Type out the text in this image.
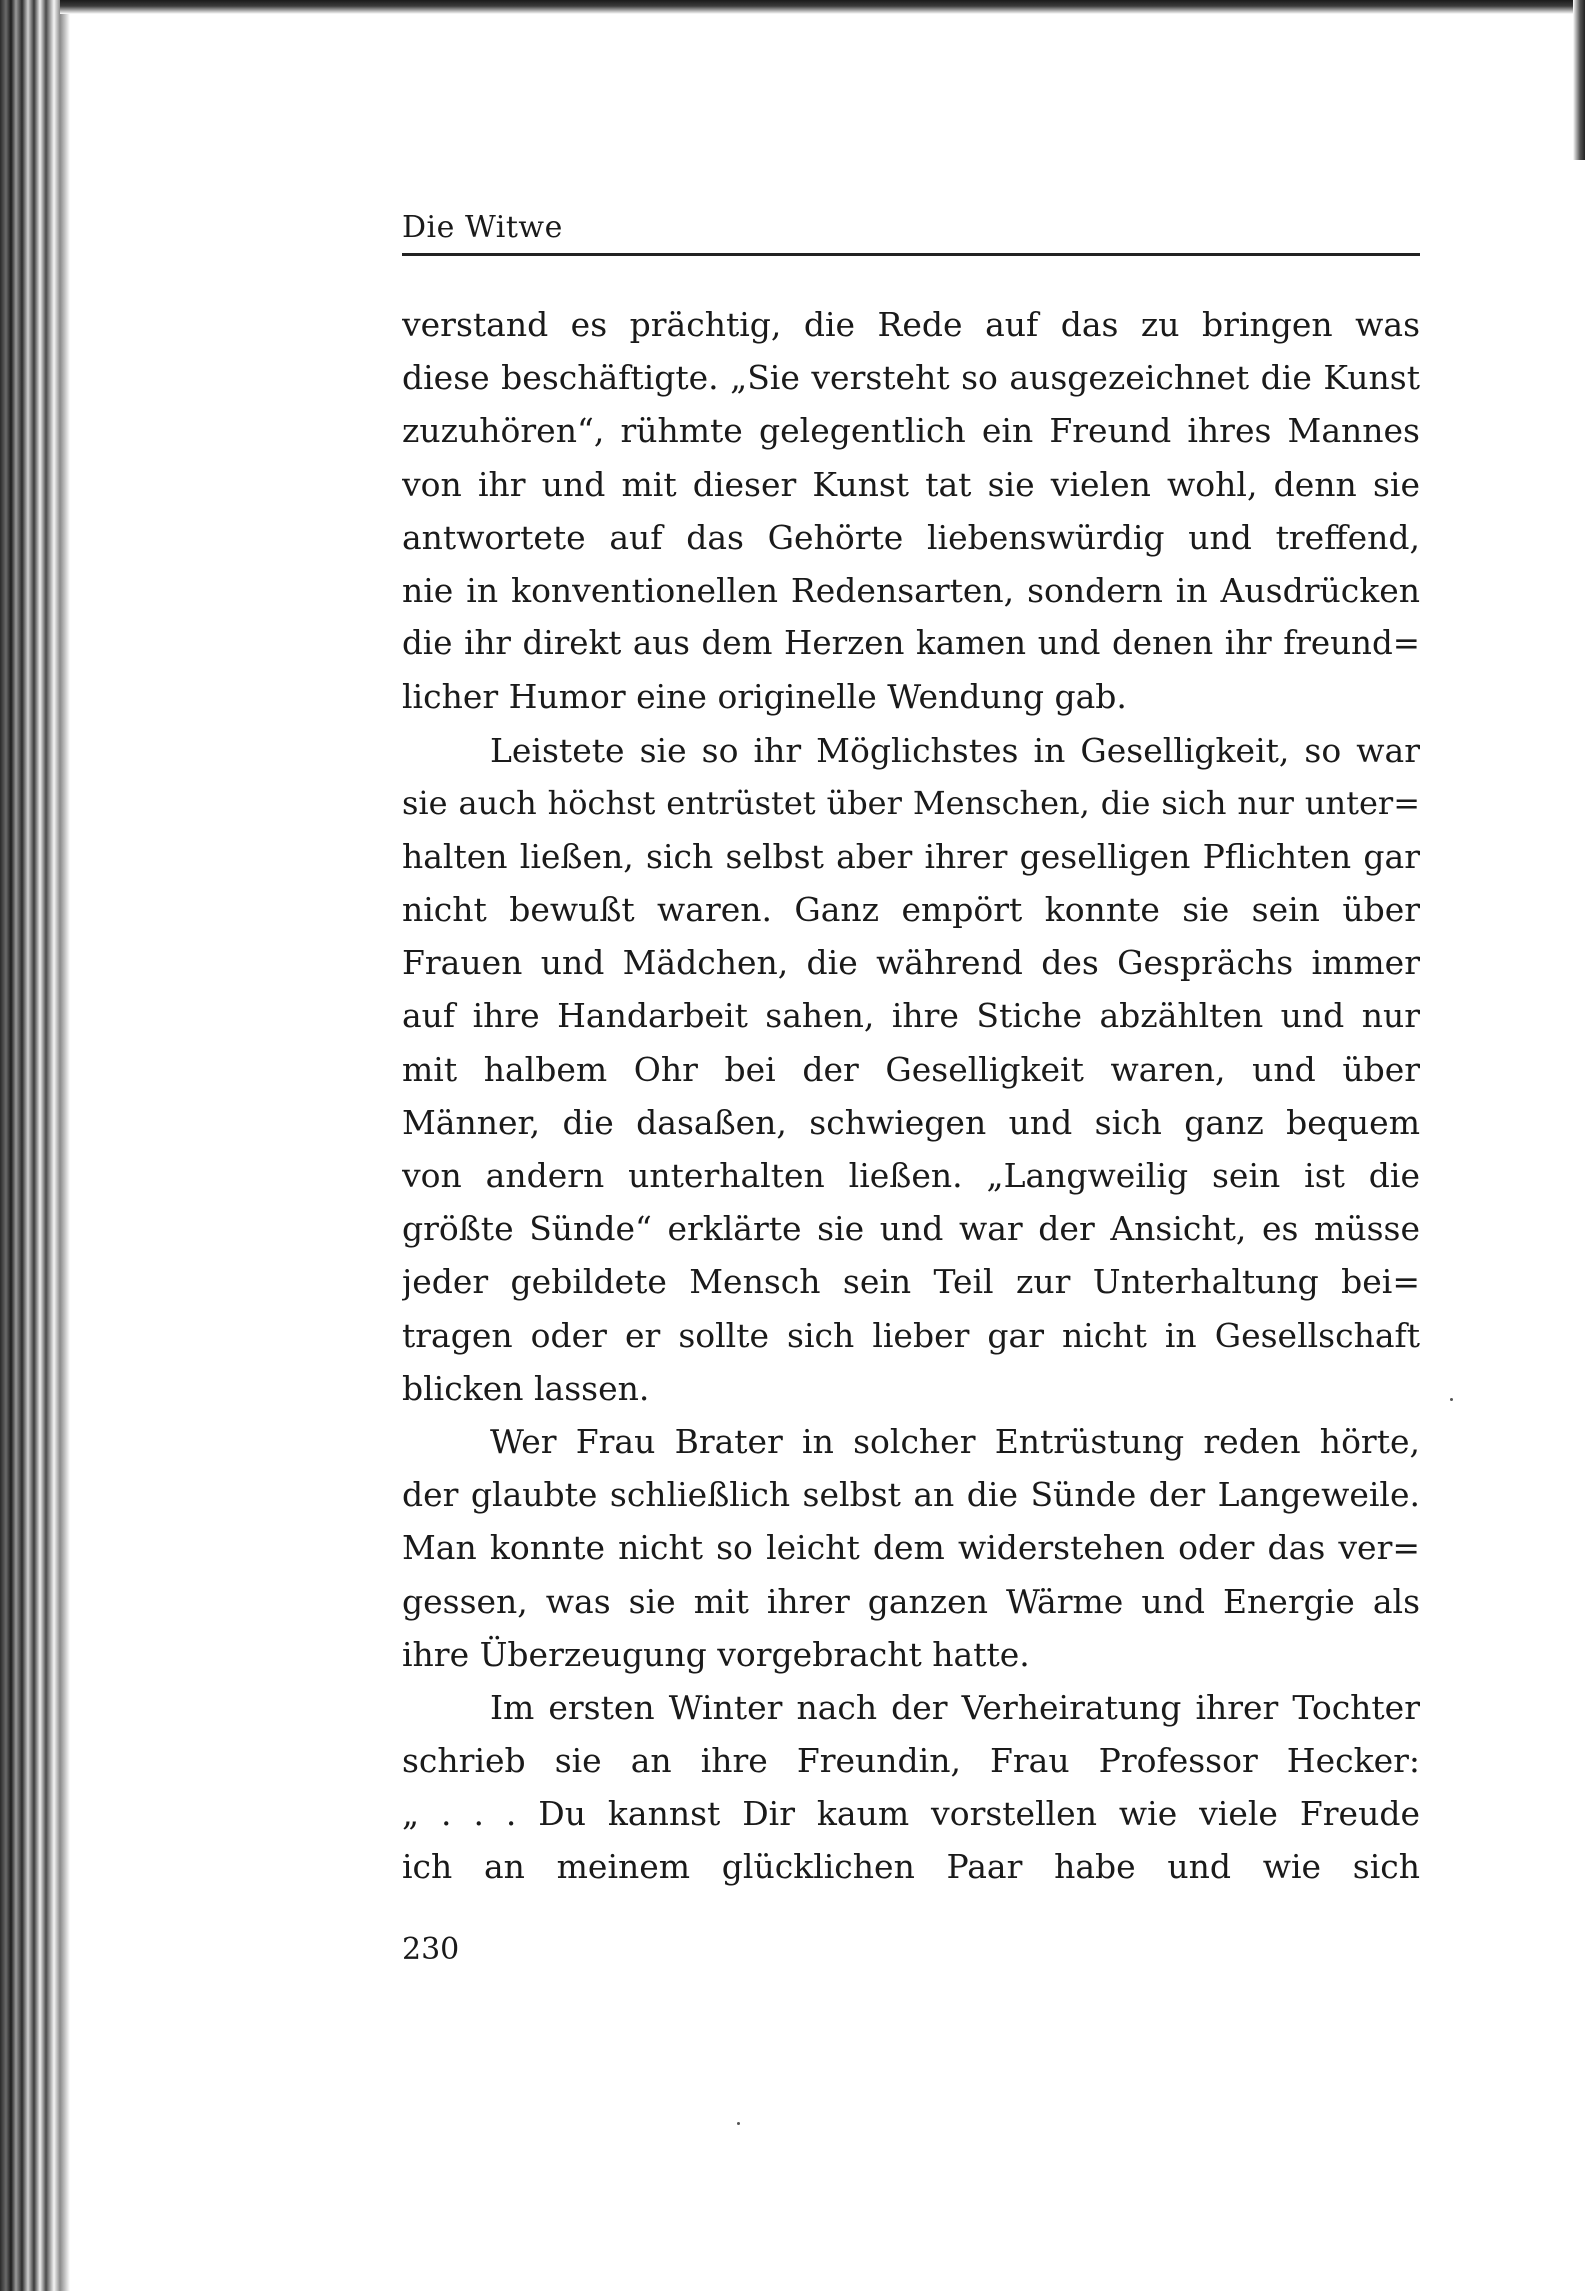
Die Witwe
verstand es prächtig, die Rede auf das zu bringen was
diese beschäftigte. „Sie versteht so ausgezeichnet die Kunst
zuzuhören“, rühmte gelegentlich ein Freund ihres Mannes
von ihr und mit dieser Kunst tat sie vielen wohl, denn sie
antwortete auf das Gehörte liebenswürdig und treffend,
nie in konventionellen Redensarten, sondern in Ausdrücken
die ihr direkt aus dem Herzen kamen und denen ihr freund=
licher Humor eine originelle Wendung gab.
Leistete sie so ihr Möglichstes in Geselligkeit, so war
sie auch höchst entrüstet über Menschen, die sich nur unter=
halten ließen, sich selbst aber ihrer geselligen Pflichten gar
nicht bewußt waren. Ganz empört konnte sie sein über
Frauen und Mädchen, die während des Gesprächs immer
auf ihre Handarbeit sahen, ihre Stiche abzählten und nur
mit halbem Ohr bei der Geselligkeit waren, und über
Männer, die dasaßen, schwiegen und sich ganz bequem
von andern unterhalten ließen. „Langweilig sein ist die
größte Sünde“ erklärte sie und war der Ansicht, es müsse
jeder gebildete Mensch sein Teil zur Unterhaltung bei=
tragen oder er sollte sich lieber gar nicht in Gesellschaft
blicken lassen.
Wer Frau Brater in solcher Entrüstung reden hörte,
der glaubte schließlich selbst an die Sünde der Langeweile.
Man konnte nicht so leicht dem widerstehen oder das ver=
gessen, was sie mit ihrer ganzen Wärme und Energie als
ihre Überzeugung vorgebracht hatte.
Im ersten Winter nach der Verheiratung ihrer Tochter
schrieb sie an ihre Freundin, Frau Professor Hecker:
„ . . . Du kannst Dir kaum vorstellen wie viele Freude
ich an meinem glücklichen Paar habe und wie sich
230
